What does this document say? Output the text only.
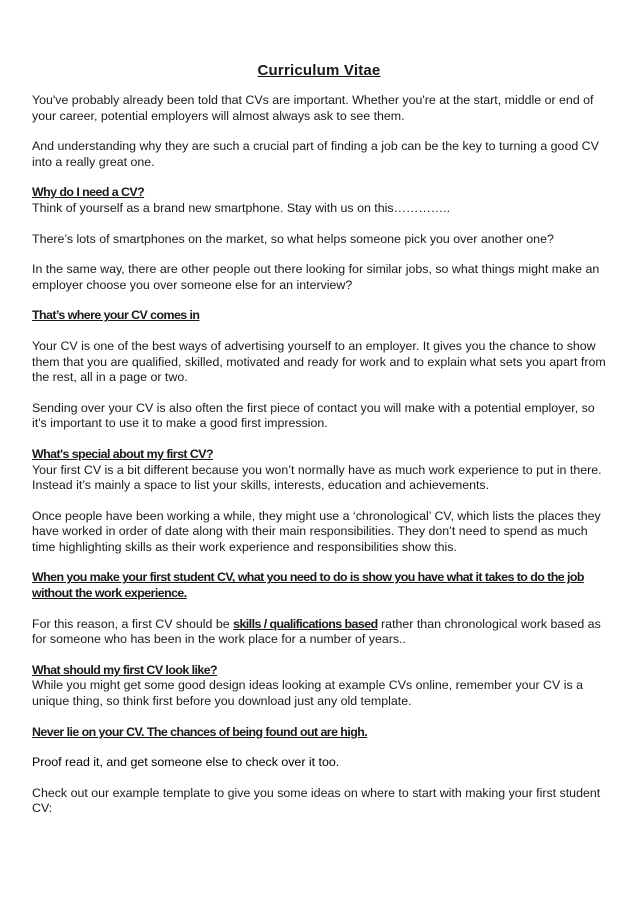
Curriculum Vitae

You've probably already been told that CVs are important. Whether you're at the start, middle or end of your career, potential employers will almost always ask to see them.

And understanding why they are such a crucial part of finding a job can be the key to turning a good CV into a really great one.

Why do I need a CV?

Think of yourself as a brand new smartphone. Stay with us on this…………..

There’s lots of smartphones on the market, so what helps someone pick you over another one?

In the same way, there are other people out there looking for similar jobs, so what things might make an employer choose you over someone else for an interview?

That’s where your CV comes in

Your CV is one of the best ways of advertising yourself to an employer. It gives you the chance to show them that you are qualified, skilled, motivated and ready for work and to explain what sets you apart from the rest, all in a page or two.

Sending over your CV is also often the first piece of contact you will make with a potential employer, so it's important to use it to make a good first impression.

What's special about my first CV?

Your first CV is a bit different because you won’t normally have as much work experience to put in there. Instead it’s mainly a space to list your skills, interests, education and achievements.

Once people have been working a while, they might use a ‘chronological’ CV, which lists the places they have worked in order of date along with their main responsibilities. They don’t need to spend as much time highlighting skills as their work experience and responsibilities show this.

When you make your first student CV, what you need to do is show you have what it takes to do the job without the work experience.

For this reason, a first CV should be skills / qualifications based rather than chronological work based as for someone who has been in the work place for a number of years..

What should my first CV look like?

While you might get some good design ideas looking at example CVs online, remember your CV is a unique thing, so think first before you download just any old template.

Never lie on your CV. The chances of being found out are high.

Proof read it, and get someone else to check over it too.

Check out our example template to give you some ideas on where to start with making your first student CV:
